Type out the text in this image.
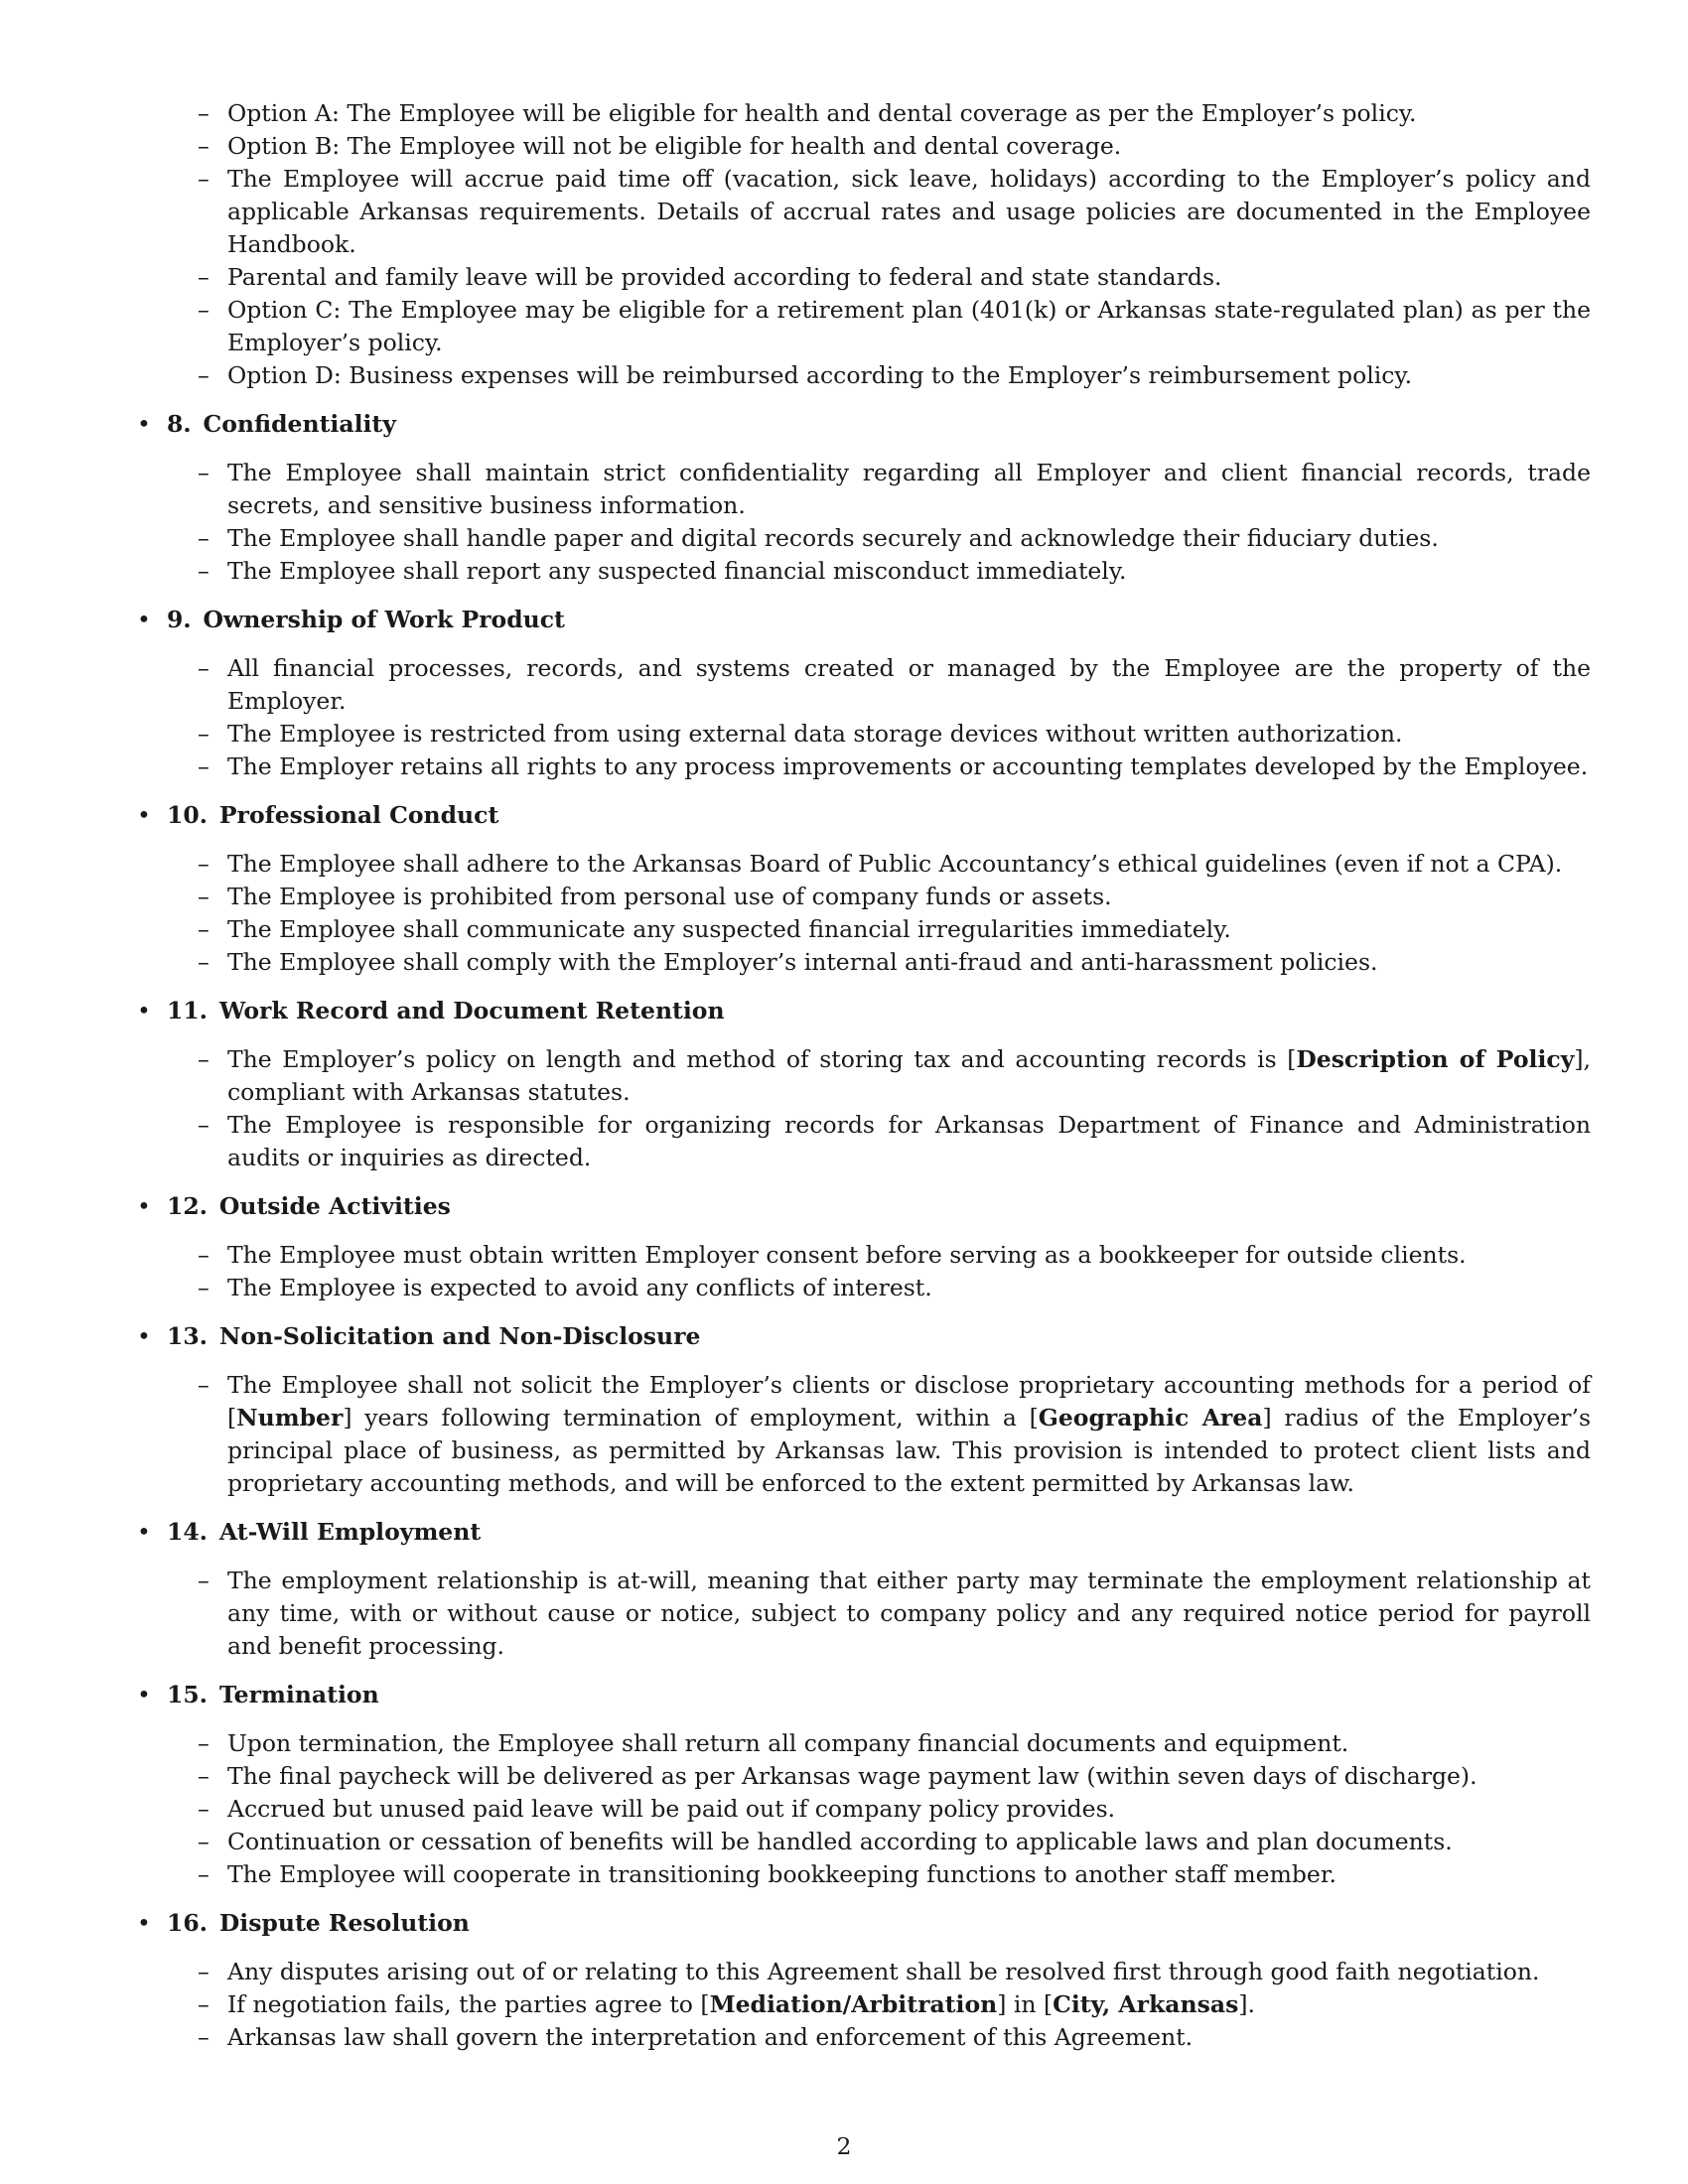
– Option A: The Employee will be eligible for health and dental coverage as per the Employer’s policy.
– Option B: The Employee will not be eligible for health and dental coverage.
– The Employee will accrue paid time off (vacation, sick leave, holidays) according to the Employer’s policy and applicable Arkansas requirements. Details of accrual rates and usage policies are documented in the Employee Handbook.
– Parental and family leave will be provided according to federal and state standards.
– Option C: The Employee may be eligible for a retirement plan (401(k) or Arkansas state-regulated plan) as per the Employer’s policy.
– Option D: Business expenses will be reimbursed according to the Employer’s reimbursement policy.
• 8. Confidentiality
– The Employee shall maintain strict confidentiality regarding all Employer and client financial records, trade secrets, and sensitive business information.
– The Employee shall handle paper and digital records securely and acknowledge their fiduciary duties.
– The Employee shall report any suspected financial misconduct immediately.
• 9. Ownership of Work Product
– All financial processes, records, and systems created or managed by the Employee are the property of the Employer.
– The Employee is restricted from using external data storage devices without written authorization.
– The Employer retains all rights to any process improvements or accounting templates developed by the Employee.
• 10. Professional Conduct
– The Employee shall adhere to the Arkansas Board of Public Accountancy’s ethical guidelines (even if not a CPA).
– The Employee is prohibited from personal use of company funds or assets.
– The Employee shall communicate any suspected financial irregularities immediately.
– The Employee shall comply with the Employer’s internal anti-fraud and anti-harassment policies.
• 11. Work Record and Document Retention
– The Employer’s policy on length and method of storing tax and accounting records is [Description of Policy], compliant with Arkansas statutes.
– The Employee is responsible for organizing records for Arkansas Department of Finance and Administration audits or inquiries as directed.
• 12. Outside Activities
– The Employee must obtain written Employer consent before serving as a bookkeeper for outside clients.
– The Employee is expected to avoid any conflicts of interest.
• 13. Non-Solicitation and Non-Disclosure
– The Employee shall not solicit the Employer’s clients or disclose proprietary accounting methods for a period of [Number] years following termination of employment, within a [Geographic Area] radius of the Employer’s principal place of business, as permitted by Arkansas law. This provision is intended to protect client lists and proprietary accounting methods, and will be enforced to the extent permitted by Arkansas law.
• 14. At-Will Employment
– The employment relationship is at-will, meaning that either party may terminate the employment relationship at any time, with or without cause or notice, subject to company policy and any required notice period for payroll and benefit processing.
• 15. Termination
– Upon termination, the Employee shall return all company financial documents and equipment.
– The final paycheck will be delivered as per Arkansas wage payment law (within seven days of discharge).
– Accrued but unused paid leave will be paid out if company policy provides.
– Continuation or cessation of benefits will be handled according to applicable laws and plan documents.
– The Employee will cooperate in transitioning bookkeeping functions to another staff member.
• 16. Dispute Resolution
– Any disputes arising out of or relating to this Agreement shall be resolved first through good faith negotiation.
– If negotiation fails, the parties agree to [Mediation/Arbitration] in [City, Arkansas].
– Arkansas law shall govern the interpretation and enforcement of this Agreement.
2
